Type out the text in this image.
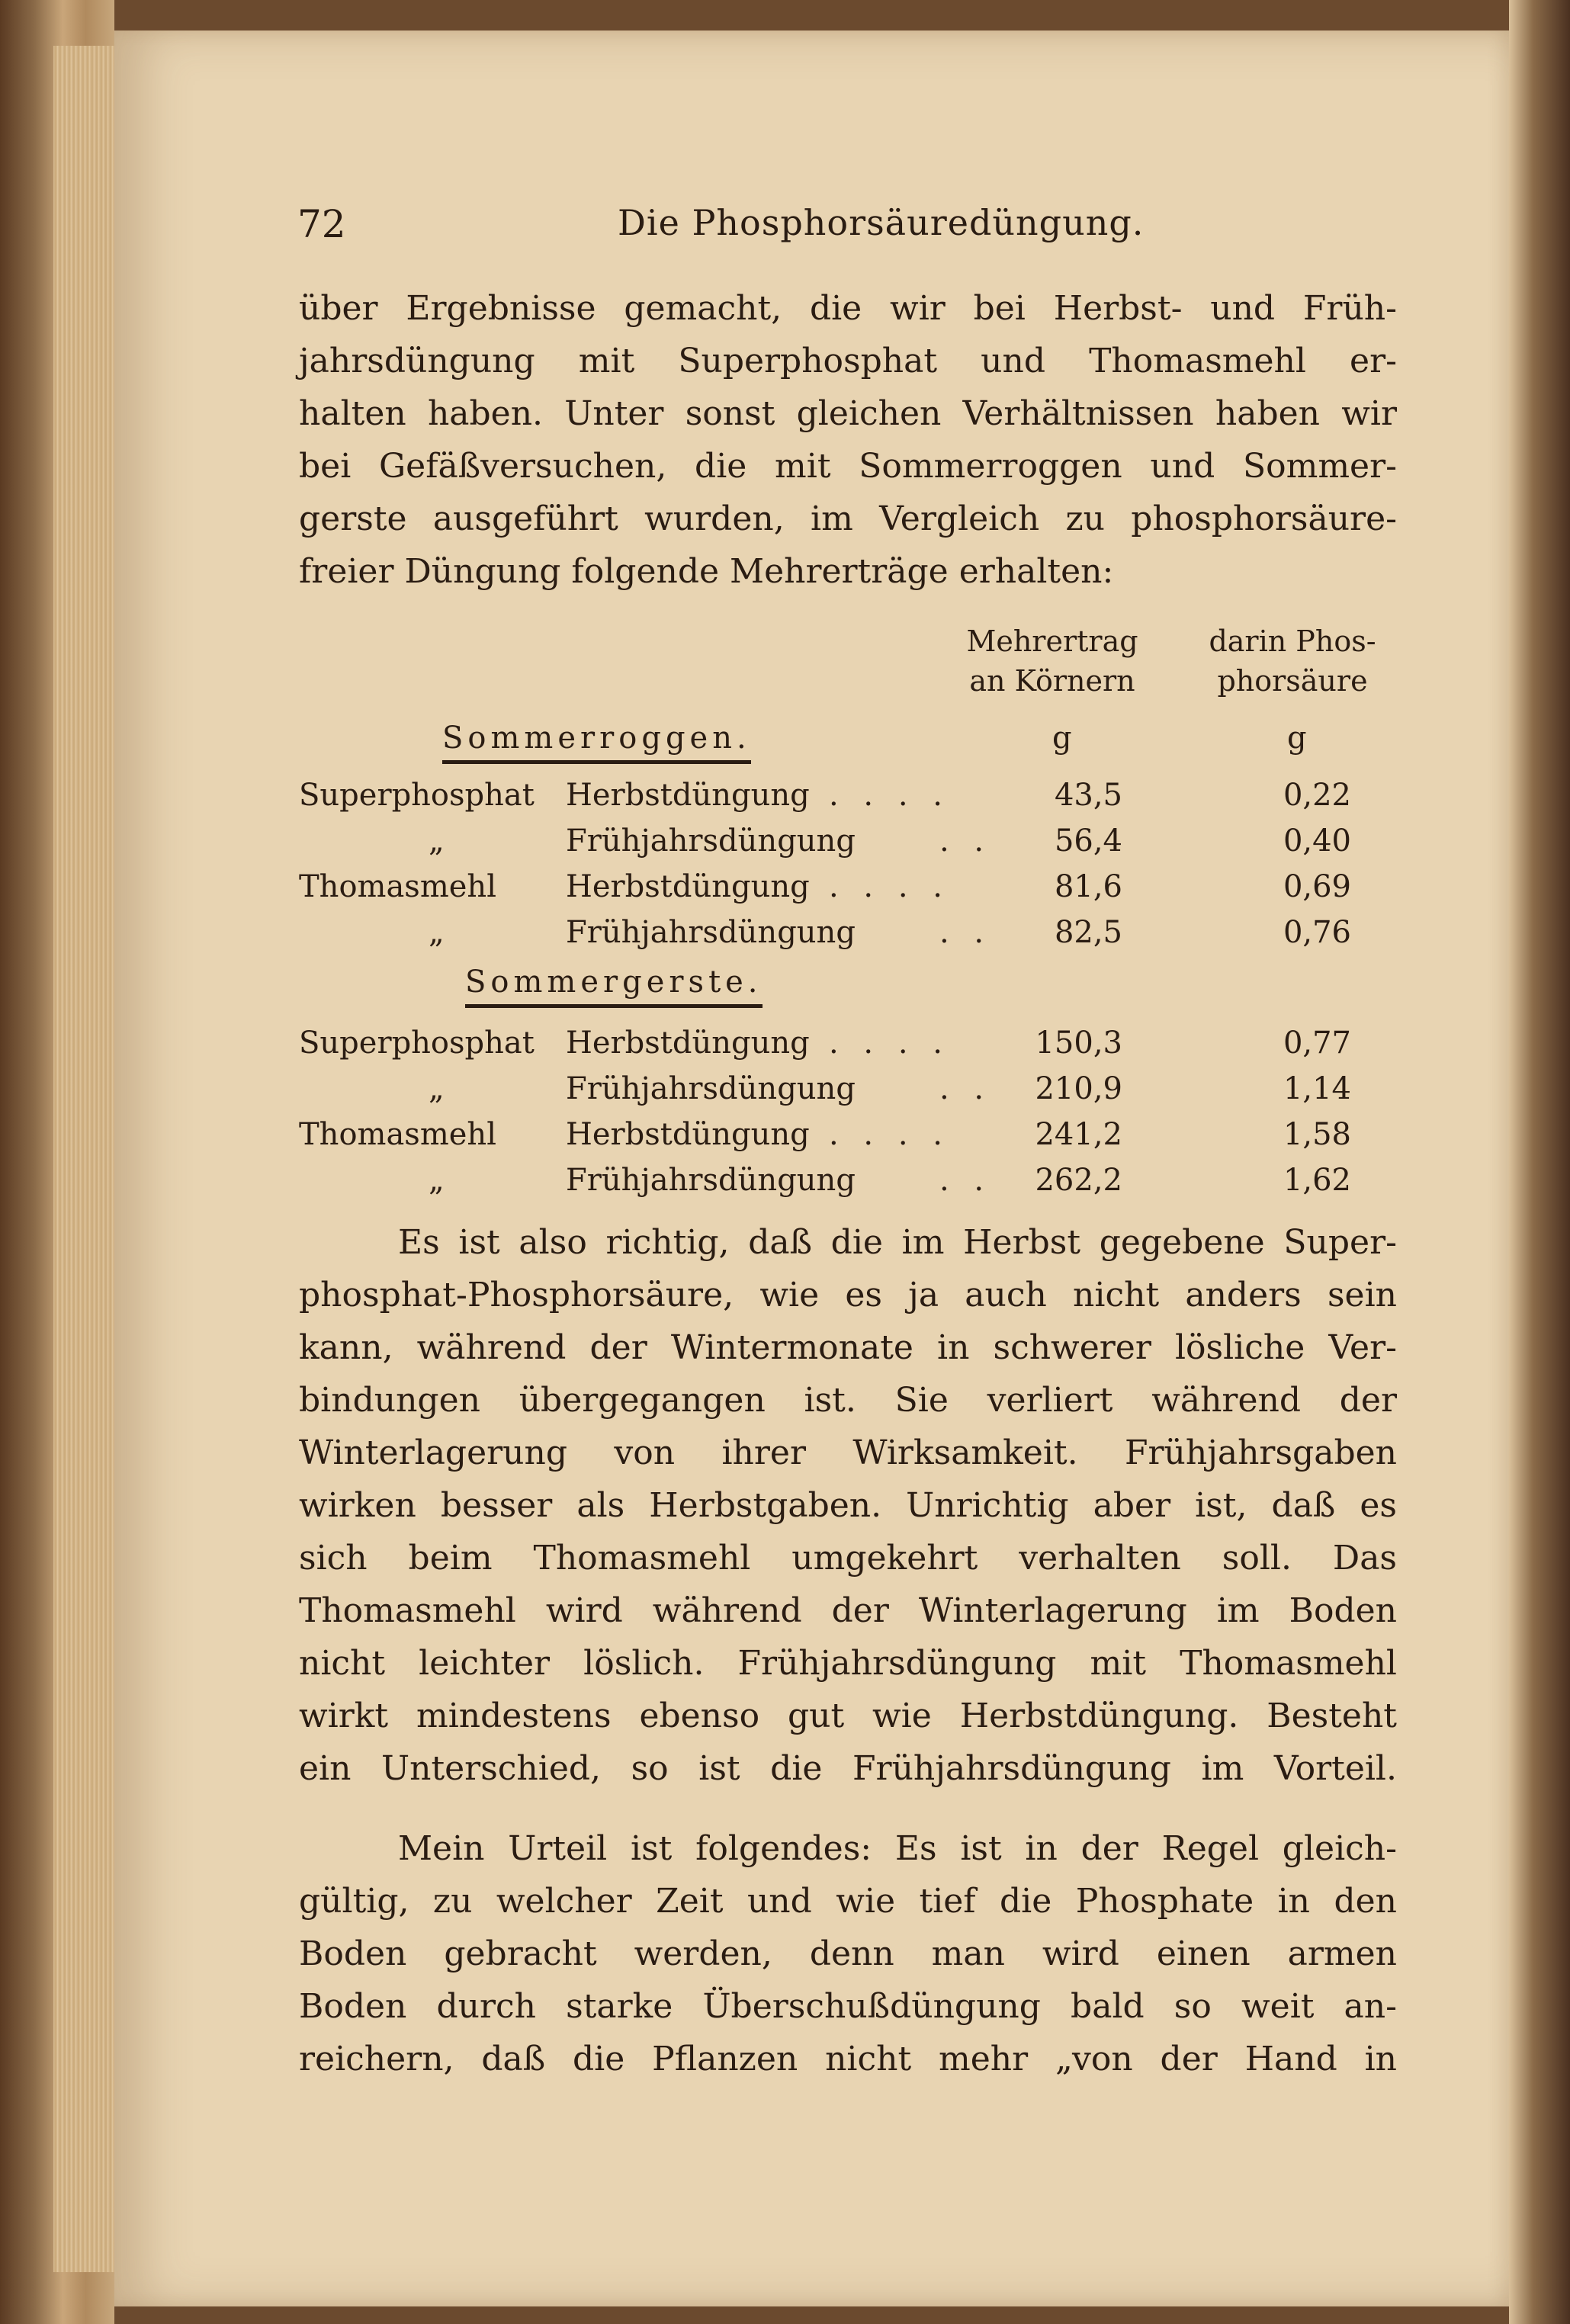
72	Die Phosphorsäuredüngung.
über Ergebnisse gemacht, die wir bei Herbst- und Früh-
jahrsdüngung mit Superphosphat und Thomasmehl er-
halten haben. Unter sonst gleichen Verhältnissen haben wir
bei Gefäßversuchen, die mit Sommerroggen und Sommer-
gerste ausgeführt wurden, im Vergleich zu phosphorsäure-
freier Düngung folgende Mehrerträge erhalten:
Mehrertrag
an Körnern
darin Phos-
phorsäure
Sommerroggen.	g	g
Superphosphat Herbstdüngung . . . .	43,5	0,22
„	Frühjahrsdüngung	. .	56,4	0,40
Thomasmehl Herbstdüngung . . . .	81,6	0,69
„	Frühjahrsdüngung	. .	82,5	0,76
Sommergerste.
Superphosphat Herbstdüngung . . . .	150,3	0,77
„	Frühjahrsdüngung	. .	210,9	1,14
Thomasmehl Herbstdüngung . . . .	241,2	1,58
„	Frühjahrsdüngung	. .	262,2	1,62
Es ist also richtig, daß die im Herbst gegebene Super-
phosphat-Phosphorsäure, wie es ja auch nicht anders sein
kann, während der Wintermonate in schwerer lösliche Ver-
bindungen übergegangen ist. Sie verliert während der
Winterlagerung von ihrer Wirksamkeit. Frühjahrsgaben
wirken besser als Herbstgaben. Unrichtig aber ist, daß es
sich beim Thomasmehl umgekehrt verhalten soll. Das
Thomasmehl wird während der Winterlagerung im Boden
nicht leichter löslich. Frühjahrsdüngung mit Thomasmehl
wirkt mindestens ebenso gut wie Herbstdüngung. Besteht
ein Unterschied, so ist die Frühjahrsdüngung im Vorteil.
Mein Urteil ist folgendes: Es ist in der Regel gleich-
gültig, zu welcher Zeit und wie tief die Phosphate in den
Boden gebracht werden, denn man wird einen armen
Boden durch starke Überschußdüngung bald so weit an-
reichern, daß die Pflanzen nicht mehr „von der Hand in
